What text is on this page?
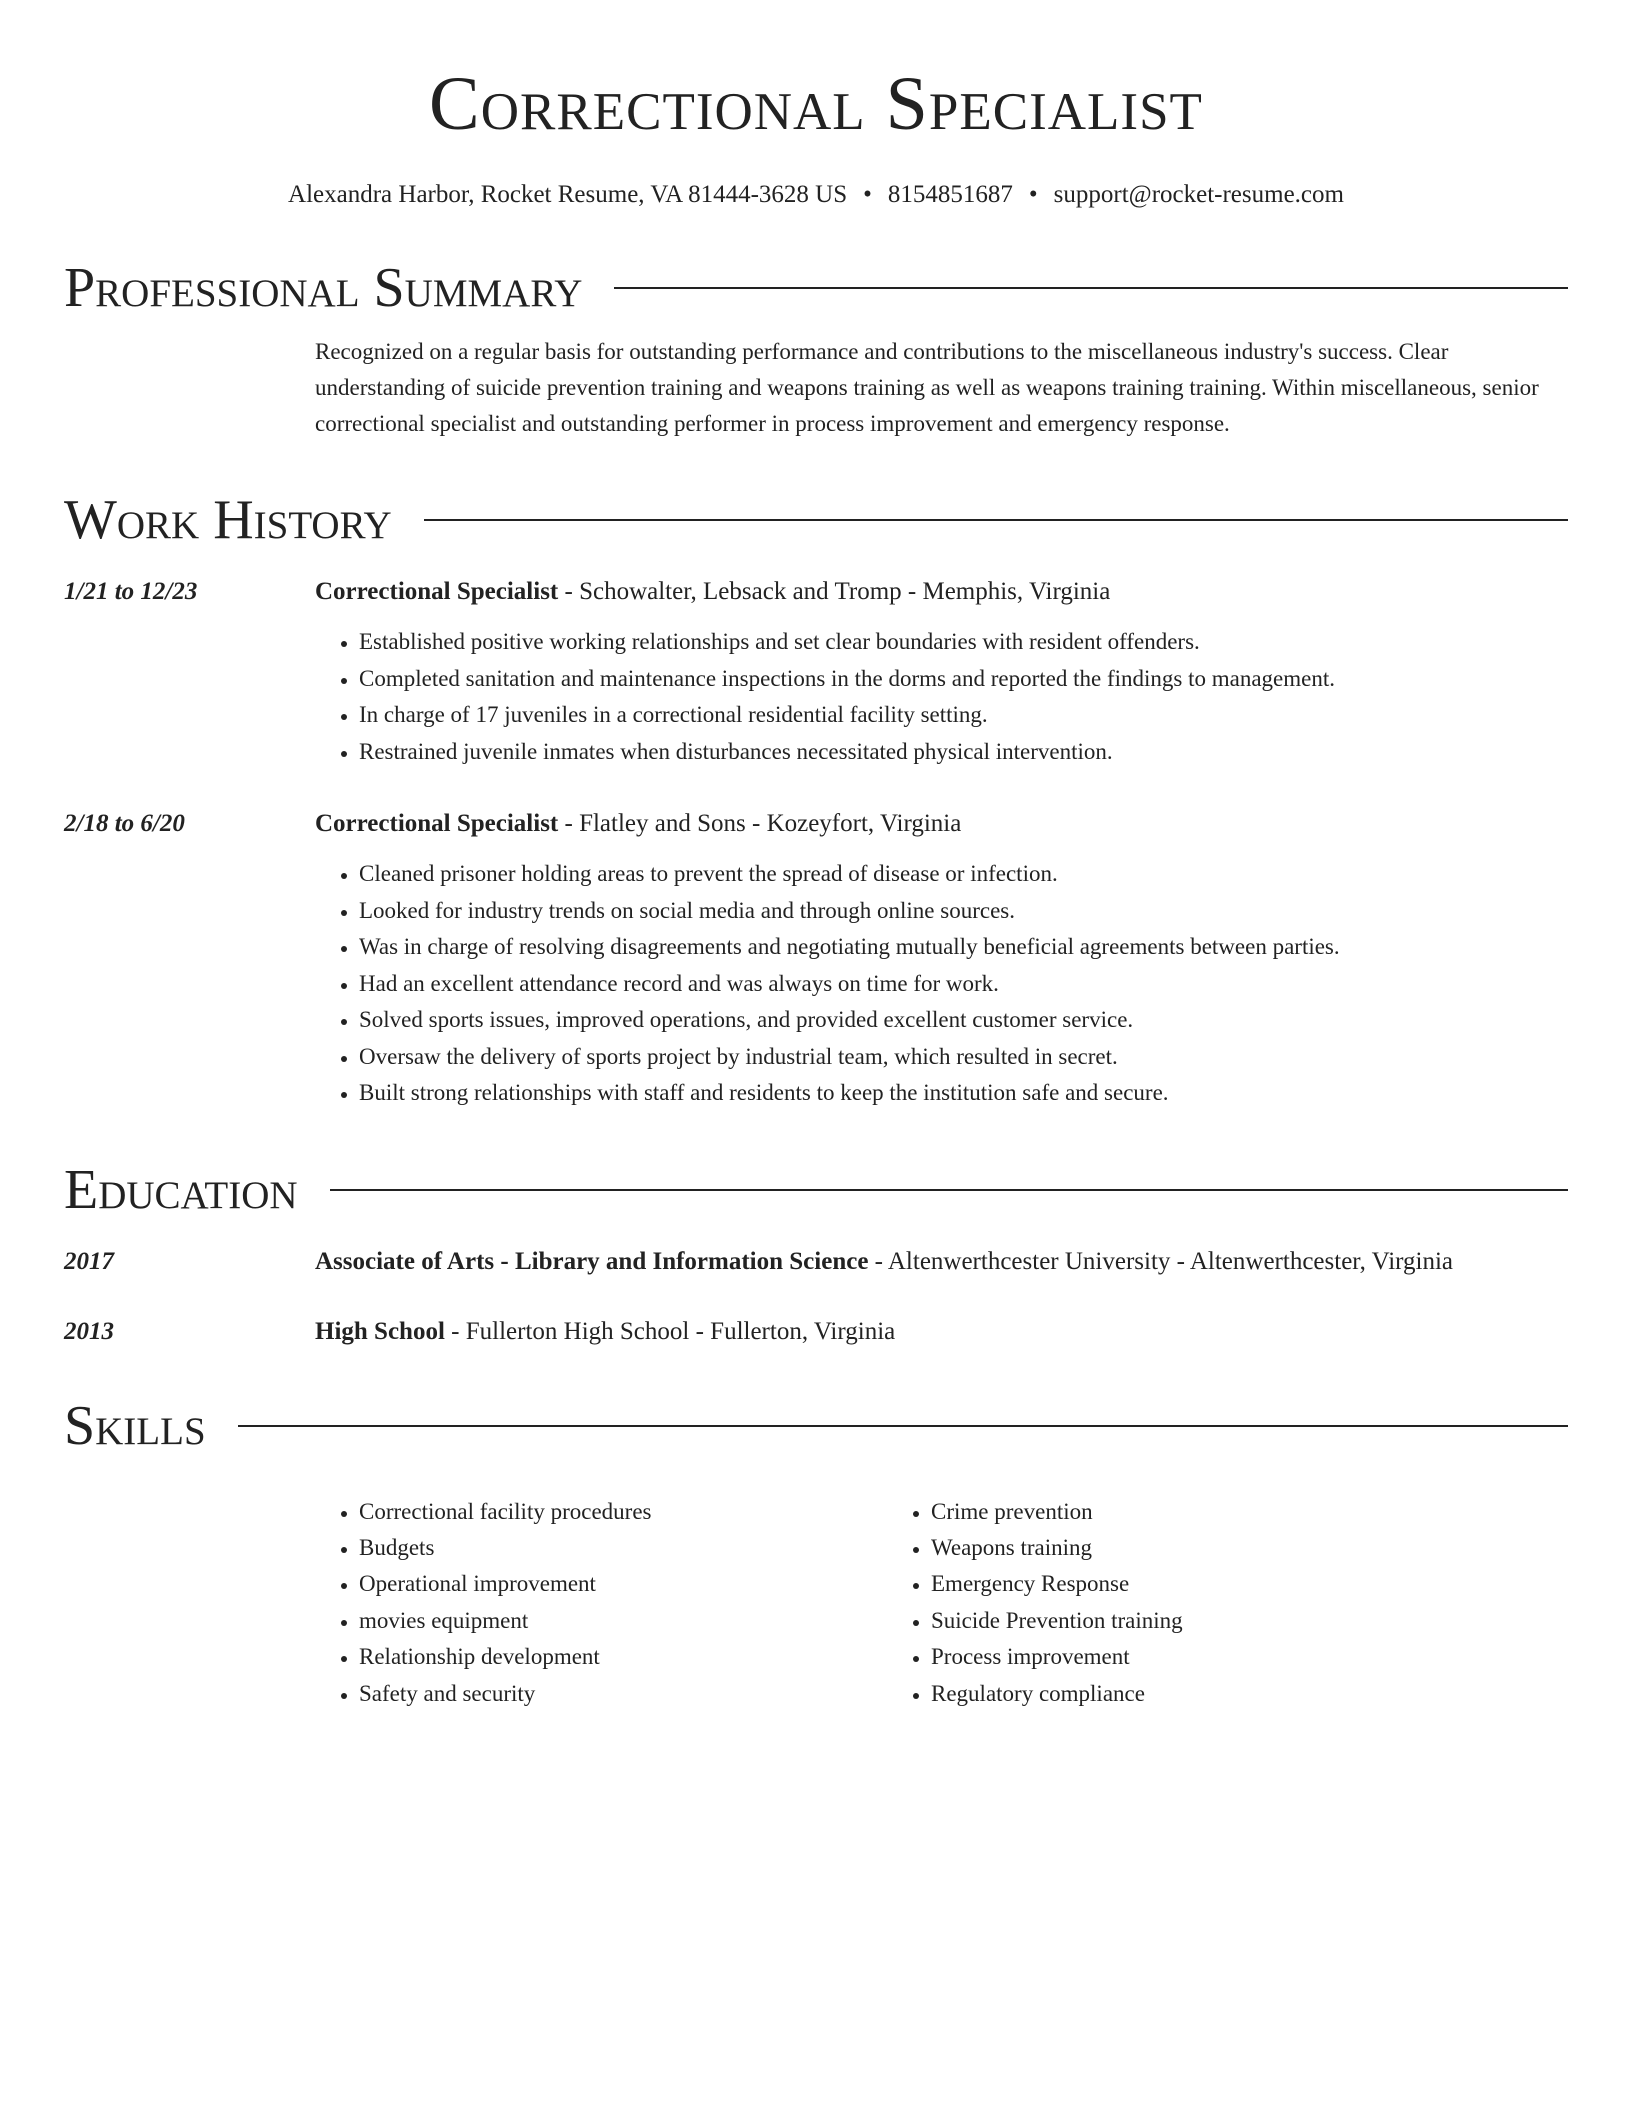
Correctional Specialist
Alexandra Harbor, Rocket Resume, VA 81444-3628 US • 8154851687 • support@rocket-resume.com
Professional Summary

Recognized on a regular basis for outstanding performance and contributions to the miscellaneous industry's success. Clear understanding of suicide prevention training and weapons training as well as weapons training training. Within miscellaneous, senior correctional specialist and outstanding performer in process improvement and emergency response.

Work History
1/21 to 12/23	Correctional Specialist - Schowalter, Lebsack and Tromp - Memphis, Virginia
• Established positive working relationships and set clear boundaries with resident offenders.
• Completed sanitation and maintenance inspections in the dorms and reported the findings to management.
• In charge of 17 juveniles in a correctional residential facility setting.
• Restrained juvenile inmates when disturbances necessitated physical intervention.
2/18 to 6/20	Correctional Specialist - Flatley and Sons - Kozeyfort, Virginia
• Cleaned prisoner holding areas to prevent the spread of disease or infection.
• Looked for industry trends on social media and through online sources.
• Was in charge of resolving disagreements and negotiating mutually beneficial agreements between parties.
• Had an excellent attendance record and was always on time for work.
• Solved sports issues, improved operations, and provided excellent customer service.
• Oversaw the delivery of sports project by industrial team, which resulted in secret.
• Built strong relationships with staff and residents to keep the institution safe and secure.
Education
2017	Associate of Arts - Library and Information Science - Altenwerthcester University - Altenwerthcester, Virginia
2013	High School - Fullerton High School - Fullerton, Virginia
Skills
• Correctional facility procedures
• Budgets
• Operational improvement
• movies equipment
• Relationship development
• Safety and security
• Crime prevention
• Weapons training
• Emergency Response
• Suicide Prevention training
• Process improvement
• Regulatory compliance
